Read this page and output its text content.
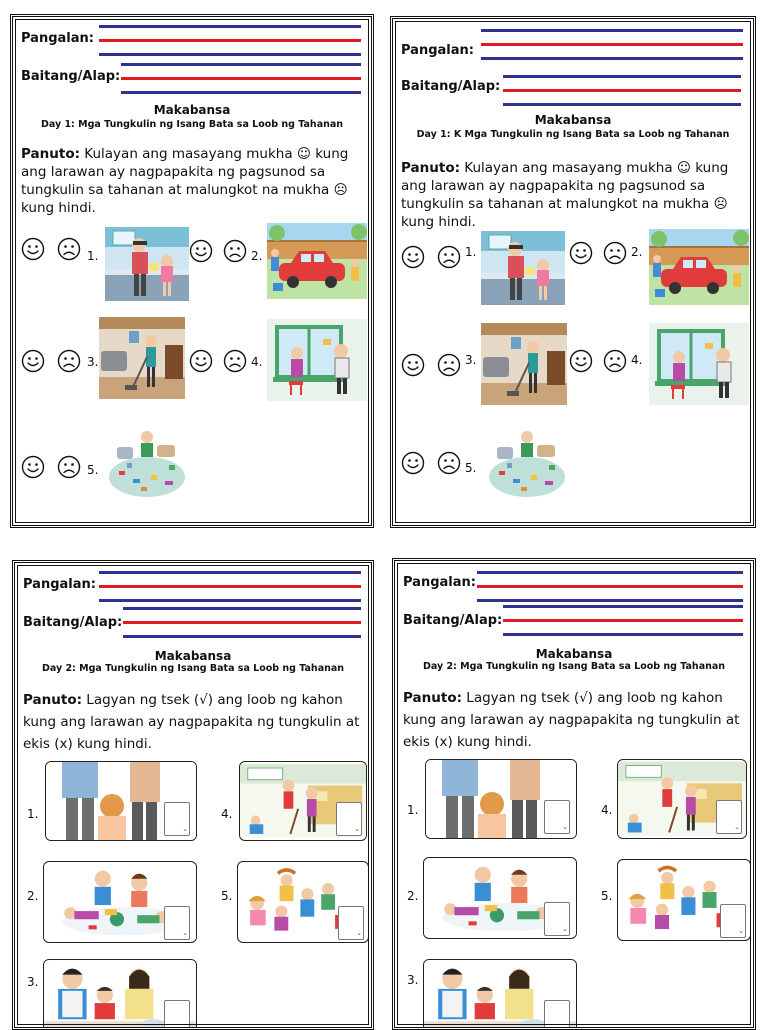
Pangalan:
Baitang/Alap:
Makabansa
Day 1: Mga Tungkulin ng Isang Bata sa Loob ng Tahanan
Panuto: Kulayan ang masayang mukha ☺ kung ang larawan ay nagpapakita ng pagsunod sa tungkulin sa tahanan at malungkot na mukha ☹ kung hindi.
1.	2.
3.	4.
5.
Pangalan:
Baitang/Alap:
Makabansa
Day 1: K Mga Tungkulin ng Isang Bata sa Loob ng Tahanan
Panuto: Kulayan ang masayang mukha ☺ kung ang larawan ay nagpapakita ng pagsunod sa tungkulin sa tahanan at malungkot na mukha ☹ kung hindi.
1.	2.
3.	4.
5.
Pangalan:
Baitang/Alap:
Makabansa
Day 2: Mga Tungkulin ng Isang Bata sa Loob ng Tahanan
Panuto: Lagyan ng tsek (√) ang loob ng kahon kung ang larawan ay nagpapakita ng tungkulin at ekis (x) kung hindi.
1. ⌄	4.
⌄
2.
⌄	5.
⌄
3.
⌄
Pangalan:
Baitang/Alap:
Makabansa
Day 2: Mga Tungkulin ng Isang Bata sa Loob ng Tahanan
Panuto: Lagyan ng tsek (√) ang loob ng kahon kung ang larawan ay nagpapakita ng tungkulin at ekis (x) kung hindi.
1. ⌄	4.
⌄
2.
⌄	5.
⌄
3.
⌄
